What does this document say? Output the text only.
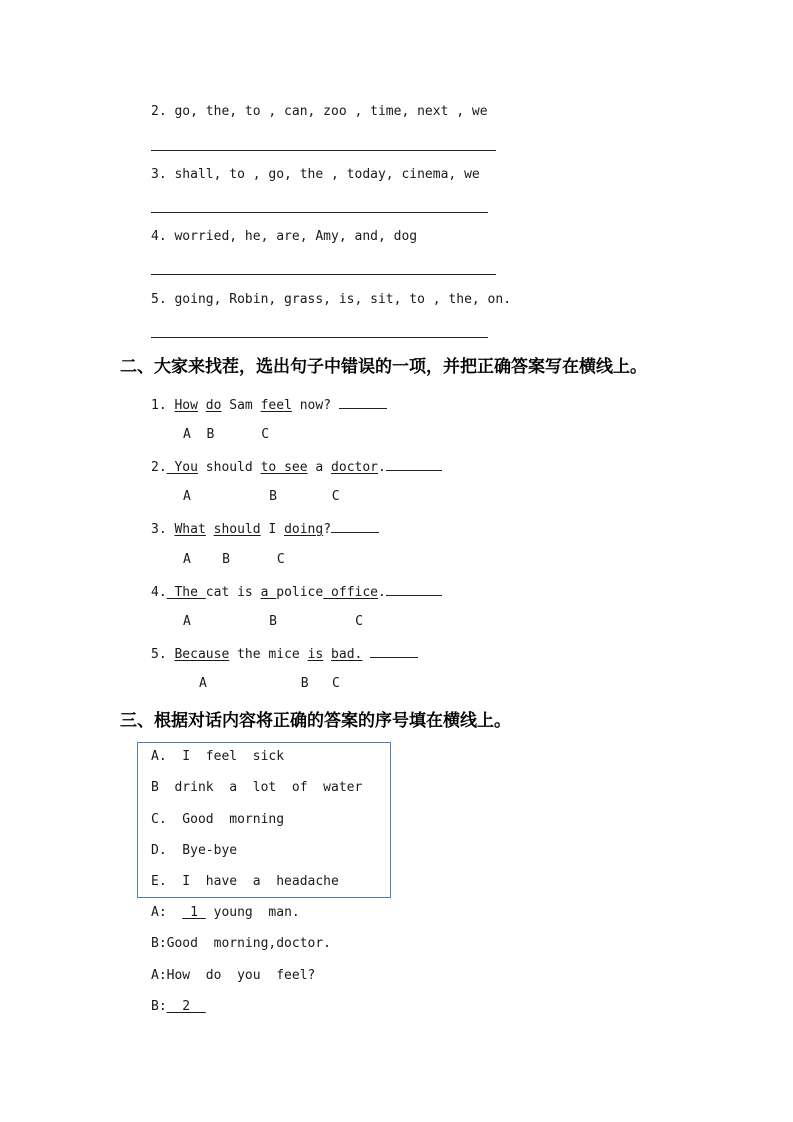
2. go, the, to , can, zoo , time, next , we

3. shall, to , go, the , today, cinema, we

4. worried, he, are, Amy, and, dog

5. going, Robin, grass, is, sit, to , the, on.

二、大家来找茬，选出句子中错误的一项，并把正确答案写在横线上。

1. How do Sam feel now?

A  B      C

2. You should to see a doctor.

A          B       C

3. What should I doing?

A    B      C

4. The cat is a police office.

A          B          C

5. Because the mice is bad.

A            B   C

三、根据对话内容将正确的答案的序号填在横线上。

A.  I  feel  sick

B  drink  a  lot  of  water

C.  Good  morning

D.  Bye-bye

E.  I  have  a  headache

A:   1  young  man.

B:Good  morning,doctor.

A:How  do  you  feel?

B:  2
